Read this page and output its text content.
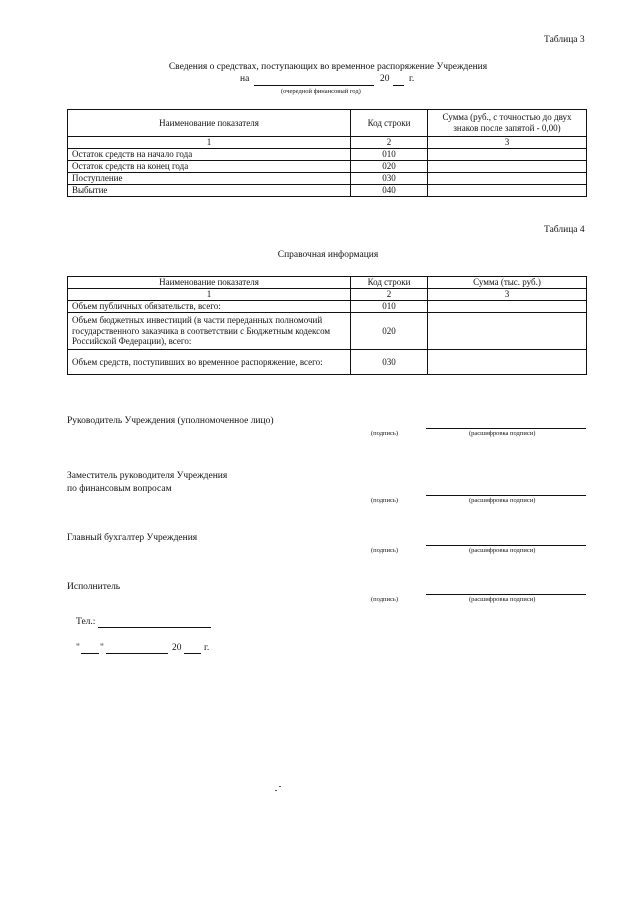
Таблица 3
Сведения о средствах, поступающих во временное распоряжение Учреждения
на	20 г.
(очередной финансовый год)
Наименование показателя	Код строки	Сумма (руб., с точностью до двух знаков после запятой - 0,00)
1	2	3
Остаток средств на начало года	010	
Остаток средств на конец года	020	
Поступление	030	
Выбытие	040	
Таблица 4
Справочная информация
Наименование показателя	Код строки	Сумма (тыс. руб.)
1	2	3
Объем публичных обязательств, всего:	010	
Объем бюджетных инвестиций (в части переданных полномочий государственного заказчика в соответствии с Бюджетным кодексом Российской Федерации), всего:	020	
Объем средств, поступивших во временное распоряжение, всего:	030	
Руководитель Учреждения (уполномоченное лицо)
(подпись)	(расшифровка подписи)
Заместитель руководителя Учреждения
по финансовым вопросам
(подпись)	(расшифровка подписи)
Главный бухгалтер Учреждения
(подпись)	(расшифровка подписи)
Исполнитель
(подпись)	(расшифровка подписи)
Тел.:
" "	20 г.
